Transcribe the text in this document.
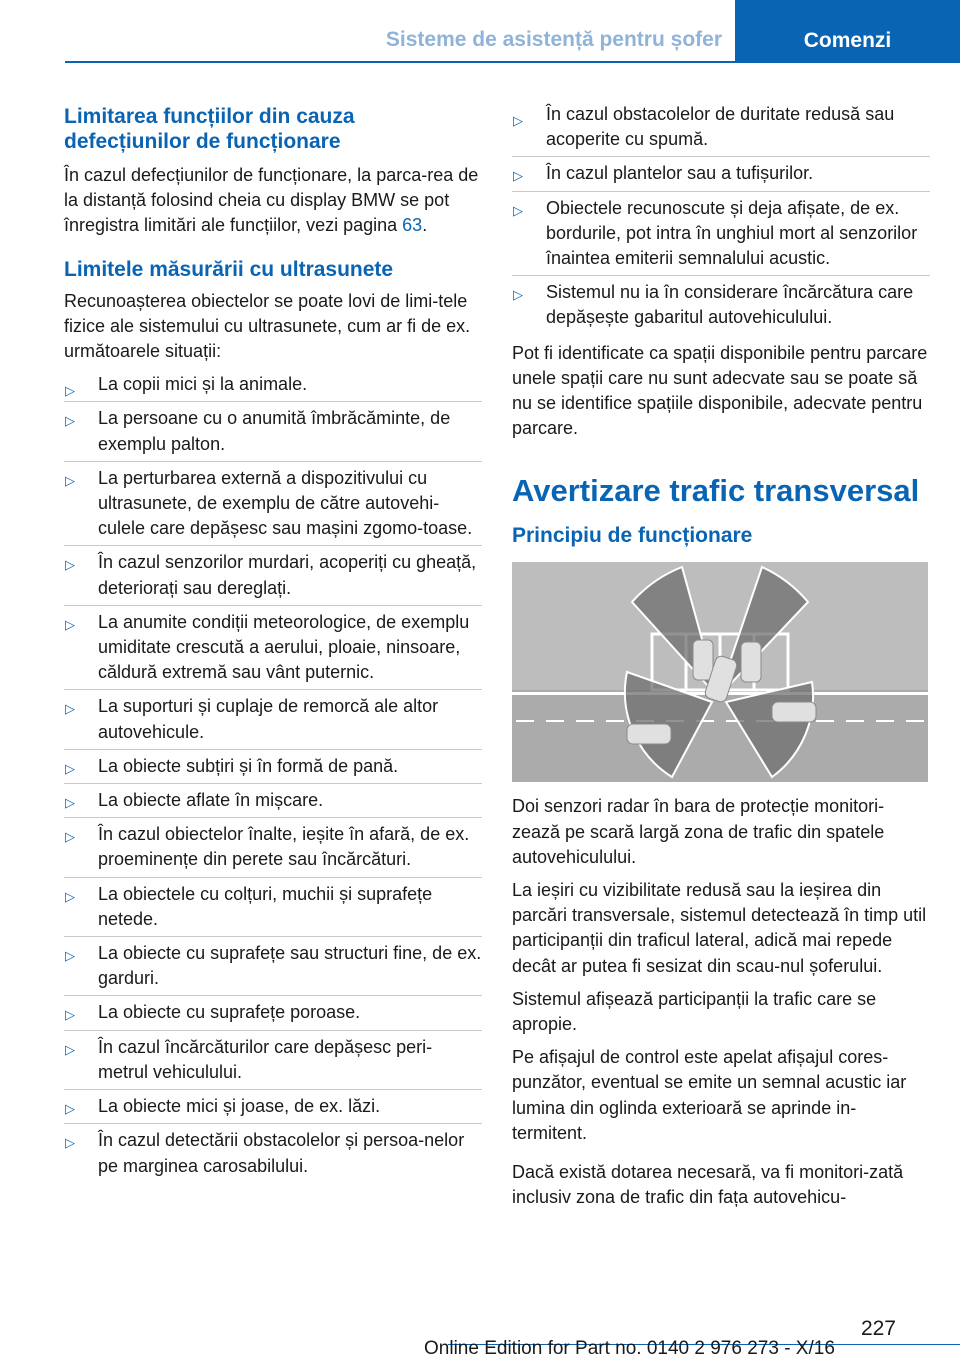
Sisteme de asistență pentru șofer	Comenzi
Limitarea funcțiilor din cauza defecțiunilor de funcționare

În cazul defecțiunilor de funcționare, la parca‐rea de la distanță folosind cheia cu display BMW se pot înregistra limitări ale funcțiilor, vezi pagina 63.

Limitele măsurării cu ultrasunete

Recunoașterea obiectelor se poate lovi de limi‐tele fizice ale sistemului cu ultrasunete, cum ar fi de ex. următoarele situații:

▷ La copii mici și la animale.
▷ La persoane cu o anumită îmbrăcăminte, de exemplu palton.
▷ La perturbarea externă a dispozitivului cu ultrasunete, de exemplu de către autovehi‐culele care depășesc sau mașini zgomo‐toase.
▷ În cazul senzorilor murdari, acoperiți cu gheață, deteriorați sau dereglați.
▷ La anumite condiții meteorologice, de exemplu umiditate crescută a aerului, ploaie, ninsoare, căldură extremă sau vânt puternic.
▷ La suporturi și cuplaje de remorcă ale altor autovehicule.
▷ La obiecte subțiri și în formă de pană.
▷ La obiecte aflate în mișcare.
▷ În cazul obiectelor înalte, ieșite în afară, de ex. proeminențe din perete sau încărcături.
▷ La obiectele cu colțuri, muchii și suprafețe netede.
▷ La obiecte cu suprafețe sau structuri fine, de ex. garduri.
▷ La obiecte cu suprafețe poroase.
▷ În cazul încărcăturilor care depășesc peri‐metrul vehiculului.
▷ La obiecte mici și joase, de ex. lăzi.
▷ În cazul detectării obstacolelor și persoa‐nelor pe marginea carosabilului.
▷ În cazul obstacolelor de duritate redusă sau acoperite cu spumă.
▷ În cazul plantelor sau a tufișurilor.
▷ Obiectele recunoscute și deja afișate, de ex. bordurile, pot intra în unghiul mort al senzorilor înaintea emiterii semnalului acustic.
▷ Sistemul nu ia în considerare încărcătura care depășește gabaritul autovehiculului.

Pot fi identificate ca spații disponibile pentru parcare unele spații care nu sunt adecvate sau se poate să nu se identifice spațiile disponibile, adecvate pentru parcare.

Avertizare trafic transversal
Principiu de funcționare

Doi senzori radar în bara de protecție monitori‐zează pe scară largă zona de trafic din spatele autovehiculului.

La ieșiri cu vizibilitate redusă sau la ieșirea din parcări transversale, sistemul detectează în timp util participanții din traficul lateral, adică mai repede decât ar putea fi sesizat din scau‐nul șoferului.

Sistemul afișează participanții la trafic care se apropie.

Pe afișajul de control este apelat afișajul cores‐punzător, eventual se emite un semnal acustic iar lumina din oglinda exterioară se aprinde in‐termitent.

Dacă există dotarea necesară, va fi monitori‐zată inclusiv zona de trafic din fața autovehicu‐

227
Online Edition for Part no. 0140 2 976 273 - X/16
